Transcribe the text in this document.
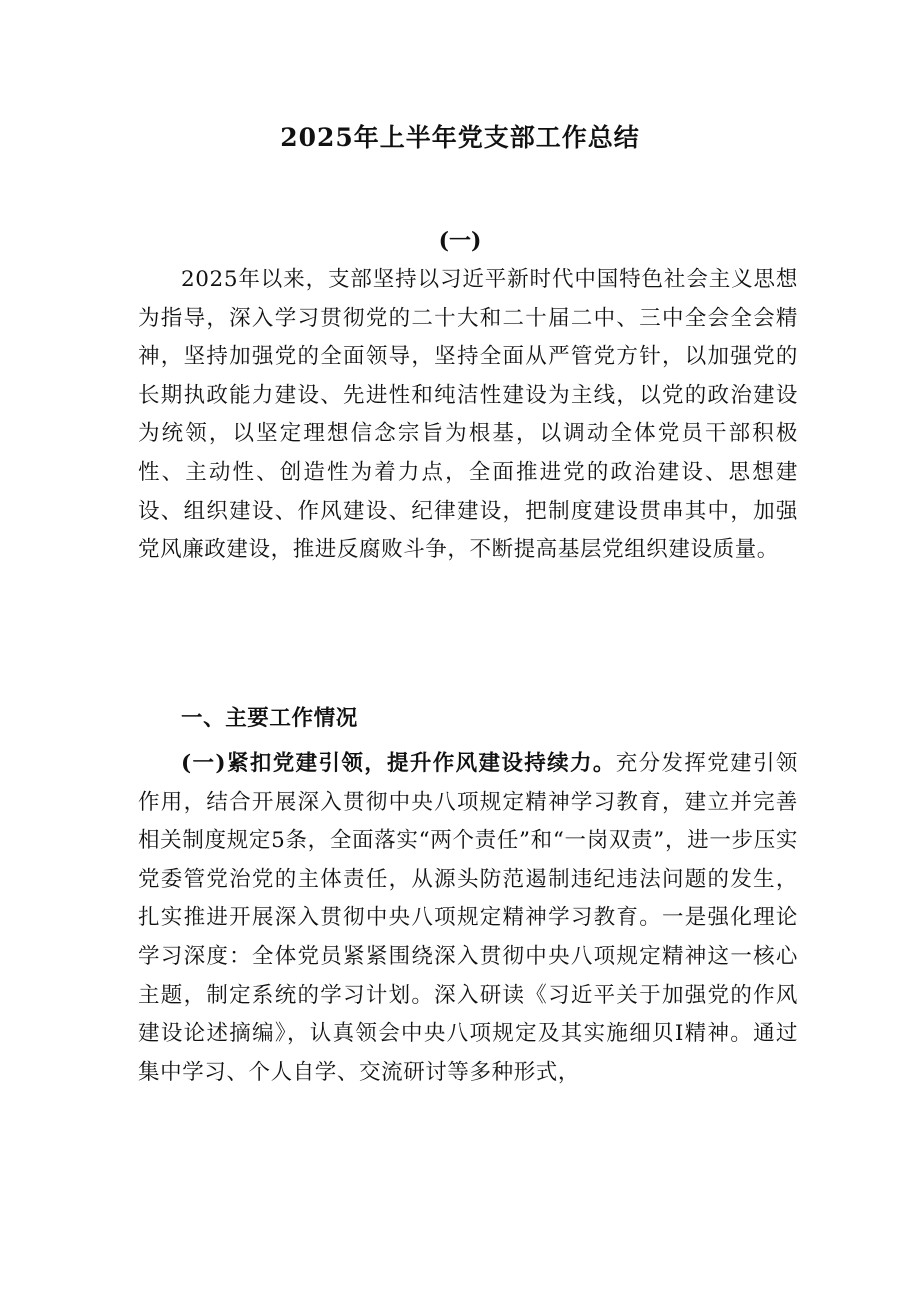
2025年上半年党支部工作总结
(一)

2025年以来，支部坚持以习近平新时代中国特色社会主义思想为指导，深入学习贯彻党的二十大和二十届二中、三中全会全会精神，坚持加强党的全面领导，坚持全面从严管党方针，以加强党的长期执政能力建设、先进性和纯洁性建设为主线，以党的政治建设为统领，以坚定理想信念宗旨为根基，以调动全体党员干部积极性、主动性、创造性为着力点，全面推进党的政治建设、思想建设、组织建设、作风建设、纪律建设，把制度建设贯串其中，加强党风廉政建设，推进反腐败斗争，不断提高基层党组织建设质量。

一、主要工作情况

(一)紧扣党建引领，提升作风建设持续力。充分发挥党建引领作用，结合开展深入贯彻中央八项规定精神学习教育，建立并完善相关制度规定5条，全面落实“两个责任”和“一岗双责”，进一步压实党委管党治党的主体责任，从源头防范遏制违纪违法问题的发生，扎实推进开展深入贯彻中央八项规定精神学习教育。一是强化理论学习深度：全体党员紧紧围绕深入贯彻中央八项规定精神这一核心主题，制定系统的学习计划。深入研读《习近平关于加强党的作风建设论述摘编》，认真领会中央八项规定及其实施细贝I精神。通过集中学习、个人自学、交流研讨等多种形式，
